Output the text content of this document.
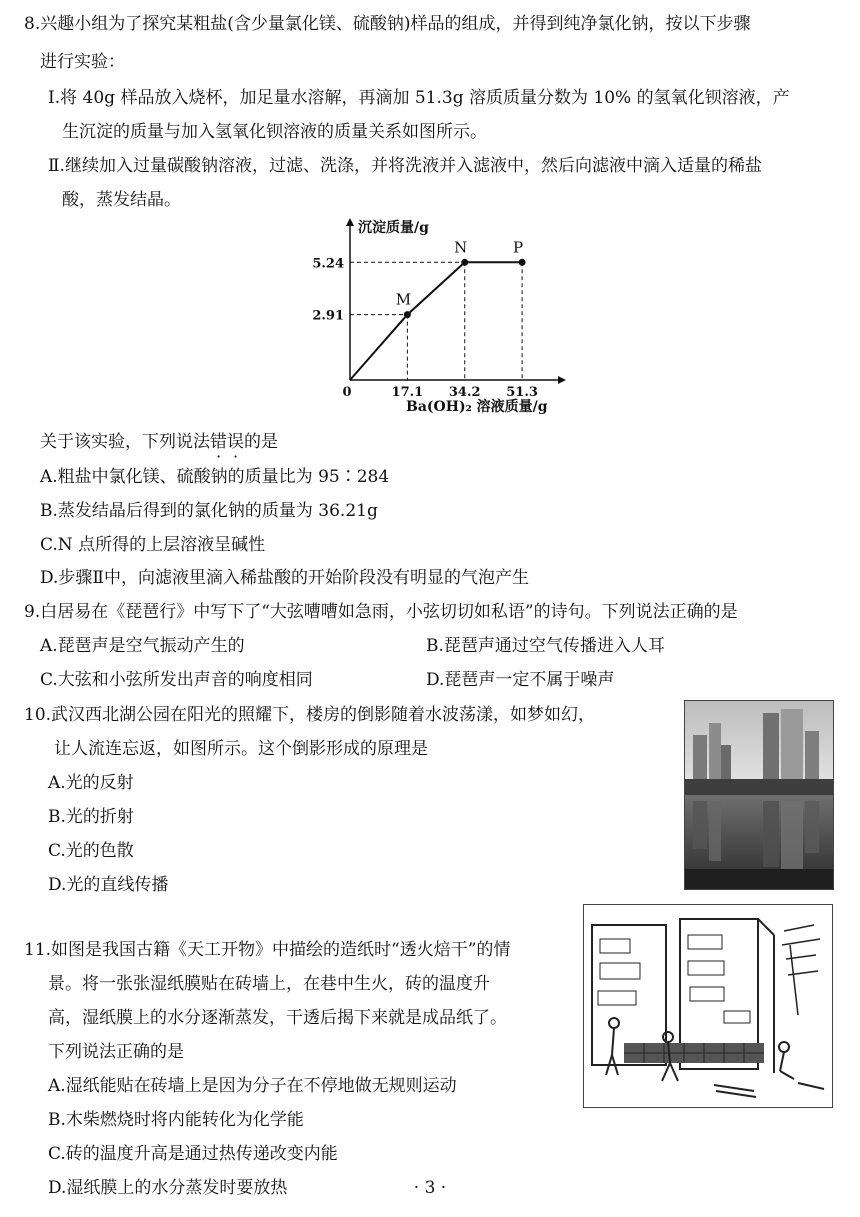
8.兴趣小组为了探究某粗盐(含少量氯化镁、硫酸钠)样品的组成，并得到纯净氯化钠，按以下步骤
进行实验：
Ⅰ.将 40g 样品放入烧杯，加足量水溶解，再滴加 51.3g 溶质质量分数为 10% 的氢氧化钡溶液，产
生沉淀的质量与加入氢氧化钡溶液的质量关系如图所示。
Ⅱ.继续加入过量碳酸钠溶液，过滤、洗涤，并将洗液并入滤液中，然后向滤液中滴入适量的稀盐
酸，蒸发结晶。
沉淀质量/g
Ba(OH)₂ 溶液质量/g
0	17.1 34.2 51.3
2.91
5.24
M
N	P
关于该实验，下列说法错误的是
A.粗盐中氯化镁、硫酸钠的质量比为 95∶284
B.蒸发结晶后得到的氯化钠的质量为 36.21g
C.N 点所得的上层溶液呈碱性
D.步骤Ⅱ中，向滤液里滴入稀盐酸的开始阶段没有明显的气泡产生
9.白居易在《琵琶行》中写下了“大弦嘈嘈如急雨，小弦切切如私语”的诗句。下列说法正确的是
A.琵琶声是空气振动产生的	B.琵琶声通过空气传播进入人耳
C.大弦和小弦所发出声音的响度相同	D.琵琶声一定不属于噪声
10.武汉西北湖公园在阳光的照耀下，楼房的倒影随着水波荡漾，如梦如幻，
让人流连忘返，如图所示。这个倒影形成的原理是
A.光的反射
B.光的折射
C.光的色散
D.光的直线传播
11.如图是我国古籍《天工开物》中描绘的造纸时“透火焙干”的情
景。将一张张湿纸膜贴在砖墙上，在巷中生火，砖的温度升
高，湿纸膜上的水分逐渐蒸发，干透后揭下来就是成品纸了。
下列说法正确的是
A.湿纸能贴在砖墙上是因为分子在不停地做无规则运动
B.木柴燃烧时将内能转化为化学能
C.砖的温度升高是通过热传递改变内能
D.湿纸膜上的水分蒸发时要放热	· 3 ·
